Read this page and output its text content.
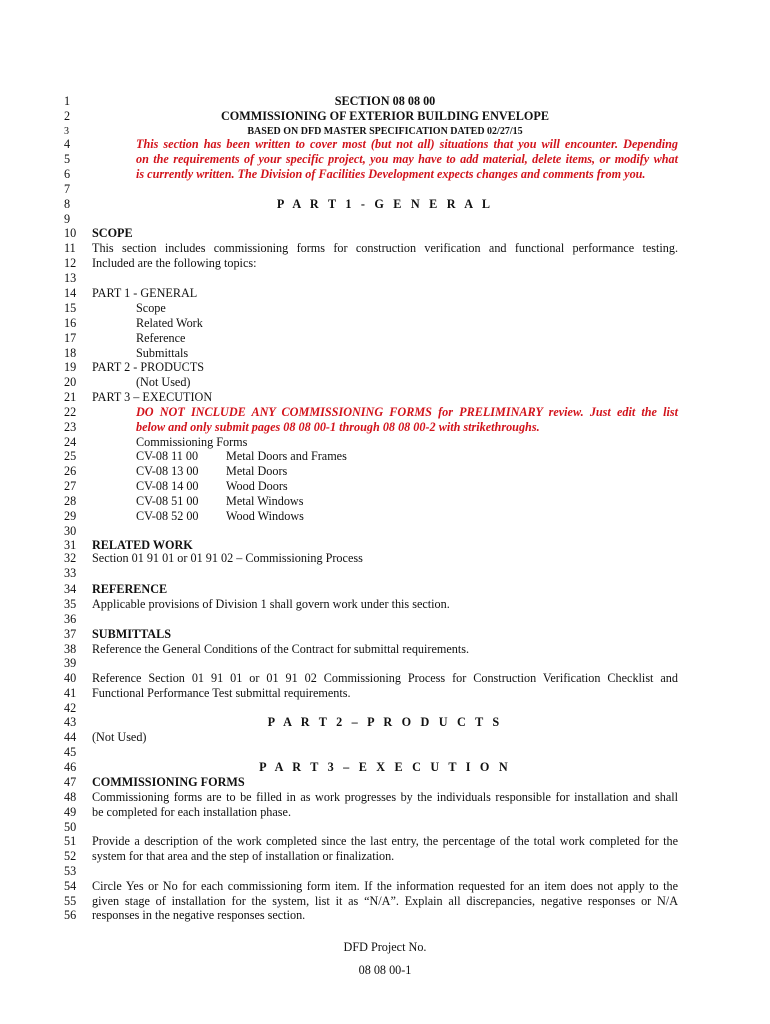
1	SECTION 08 08 00
2	COMMISSIONING OF EXTERIOR BUILDING ENVELOPE
3	BASED ON DFD MASTER SPECIFICATION DATED 02/27/15
4	This section has been written to cover most (but not all) situations that you will encounter. Depending
5	on the requirements of your specific project, you may have to add material, delete items, or modify what
6	is currently written. The Division of Facilities Development expects changes and comments from you.
7
8	P A R T 1 - G E N E R A L
9
10	SCOPE
11	This section includes commissioning forms for construction verification and functional performance testing.
12	Included are the following topics:
13
14	PART 1 - GENERAL
15	Scope
16	Related Work
17	Reference
18	Submittals
19	PART 2 - PRODUCTS
20	(Not Used)
21	PART 3 – EXECUTION
22	DO NOT INCLUDE ANY COMMISSIONING FORMS for PRELIMINARY review. Just edit the list
23	below and only submit pages 08 08 00-1 through 08 08 00-2 with strikethroughs.
24	Commissioning Forms
25	CV-08 11 00 Metal Doors and Frames
26	CV-08 13 00 Metal Doors
27	CV-08 14 00 Wood Doors
28	CV-08 51 00 Metal Windows
29	CV-08 52 00 Wood Windows
30
31	RELATED WORK
32	Section 01 91 01 or 01 91 02 – Commissioning Process
33
34	REFERENCE
35	Applicable provisions of Division 1 shall govern work under this section.
36
37	SUBMITTALS
38	Reference the General Conditions of the Contract for submittal requirements.
39
40	Reference Section 01 91 01 or 01 91 02 Commissioning Process for Construction Verification Checklist and
41	Functional Performance Test submittal requirements.
42
43	P A R T 2 – P R O D U C T S
44	(Not Used)
45
46	P A R T 3 – E X E C U T I O N
47	COMMISSIONING FORMS
48	Commissioning forms are to be filled in as work progresses by the individuals responsible for installation and shall
49	be completed for each installation phase.
50
51	Provide a description of the work completed since the last entry, the percentage of the total work completed for the
52	system for that area and the step of installation or finalization.
53
54	Circle Yes or No for each commissioning form item. If the information requested for an item does not apply to the
55	given stage of installation for the system, list it as “N/A”. Explain all discrepancies, negative responses or N/A
56	responses in the negative responses section.
DFD Project No.
08 08 00-1
